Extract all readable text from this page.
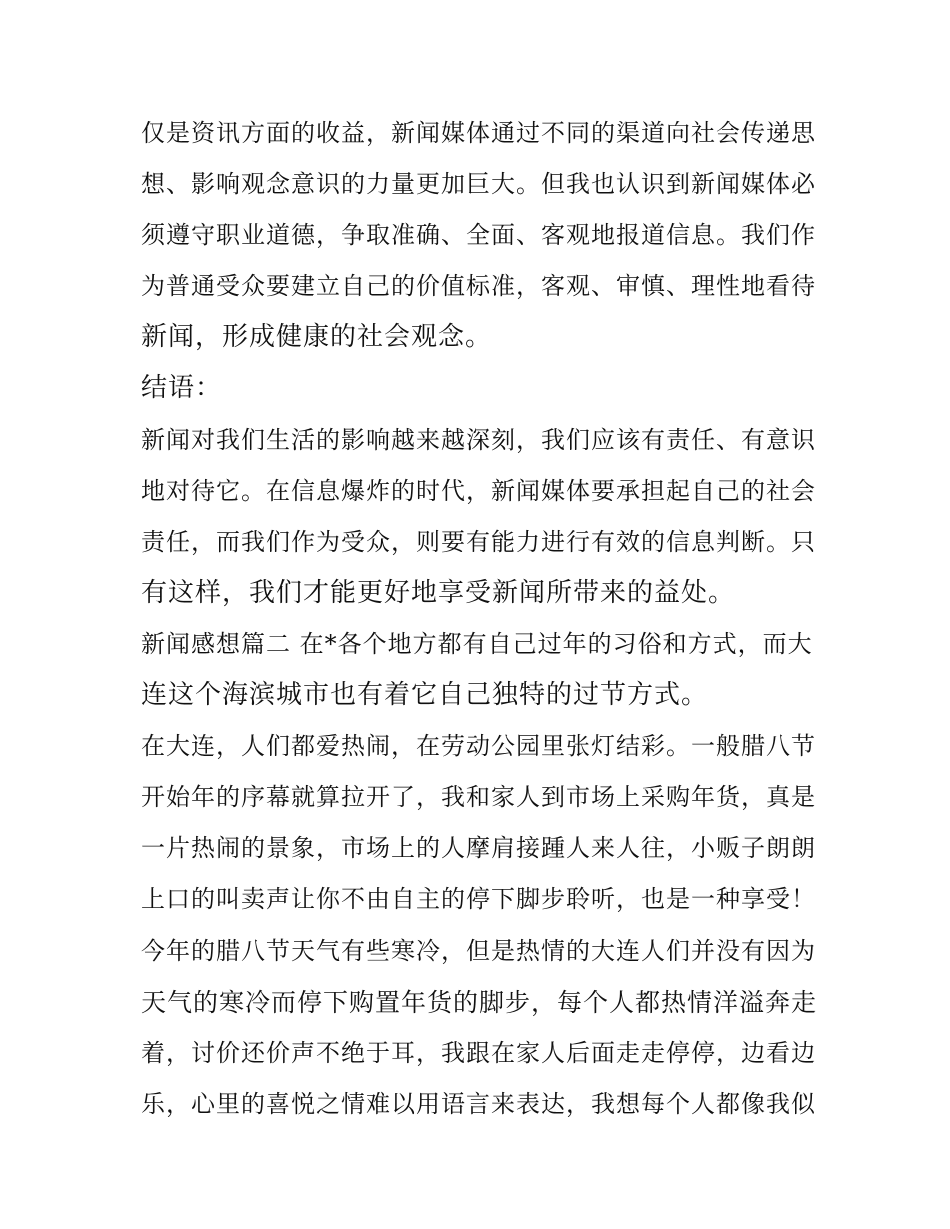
仅是资讯方面的收益，新闻媒体通过不同的渠道向社会传递思
想、影响观念意识的力量更加巨大。但我也认识到新闻媒体必
须遵守职业道德，争取准确、全面、客观地报道信息。我们作
为普通受众要建立自己的价值标准，客观、审慎、理性地看待
新闻，形成健康的社会观念。
结语：
新闻对我们生活的影响越来越深刻，我们应该有责任、有意识
地对待它。在信息爆炸的时代，新闻媒体要承担起自己的社会
责任，而我们作为受众，则要有能力进行有效的信息判断。只
有这样，我们才能更好地享受新闻所带来的益处。
新闻感想篇二 在*各个地方都有自己过年的习俗和方式，而大
连这个海滨城市也有着它自己独特的过节方式。
在大连，人们都爱热闹，在劳动公园里张灯结彩。一般腊八节
开始年的序幕就算拉开了，我和家人到市场上采购年货，真是
一片热闹的景象，市场上的人摩肩接踵人来人往，小贩子朗朗
上口的叫卖声让你不由自主的停下脚步聆听，也是一种享受！
今年的腊八节天气有些寒冷，但是热情的大连人们并没有因为
天气的寒冷而停下购置年货的脚步，每个人都热情洋溢奔走
着，讨价还价声不绝于耳，我跟在家人后面走走停停，边看边
乐，心里的喜悦之情难以用语言来表达，我想每个人都像我似
